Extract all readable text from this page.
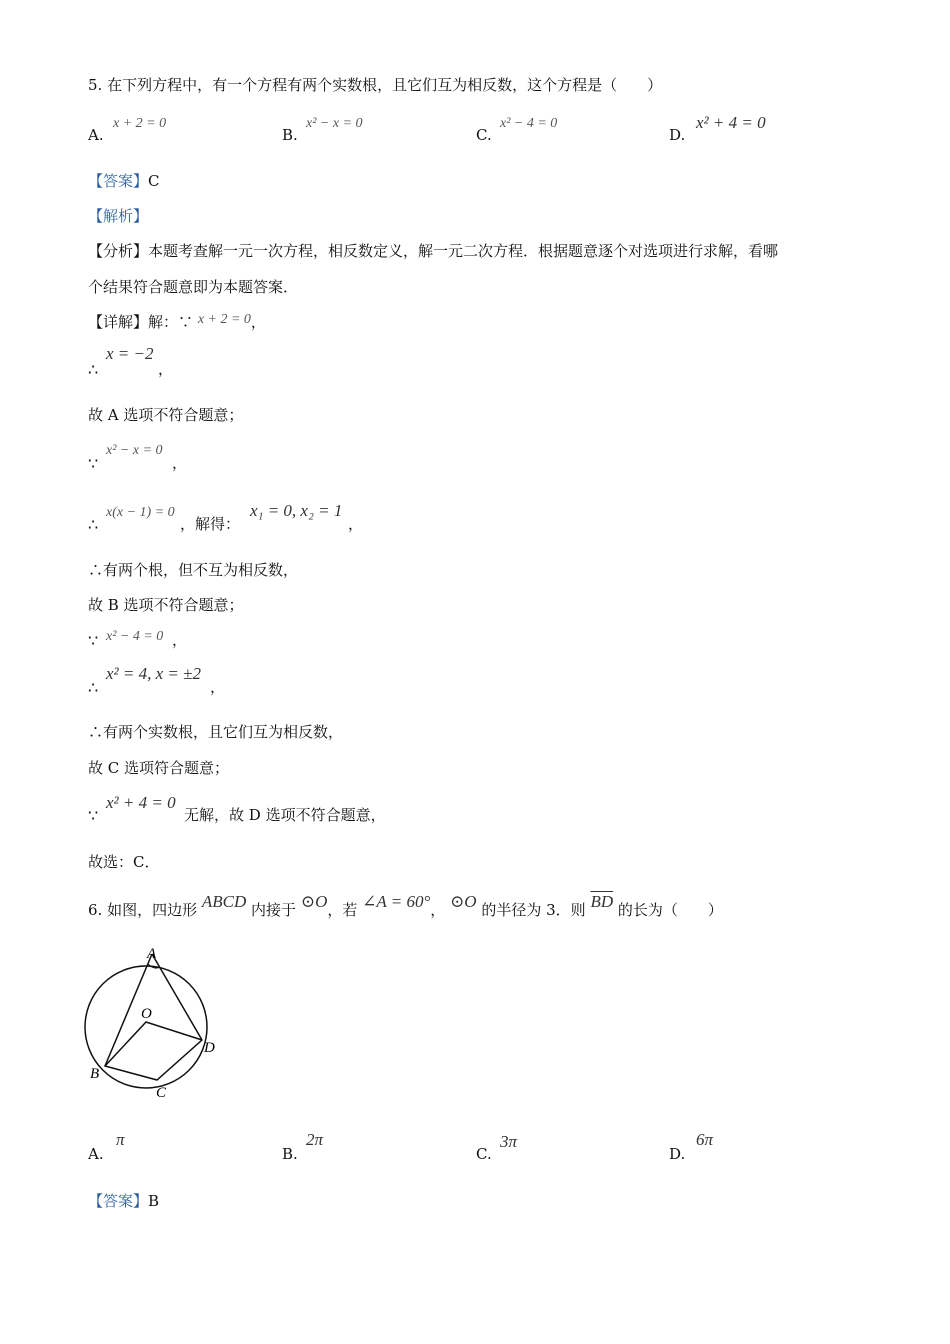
5. 在下列方程中，有一个方程有两个实数根，且它们互为相反数，这个方程是（　　）
A.
x + 2 = 0
B.
x² − x = 0
C.
x² − 4 = 0
D.
x² + 4 = 0
【答案】C
【解析】
【分析】本题考查解一元一次方程，相反数定义，解一元二次方程．根据题意逐个对选项进行求解，看哪
个结果符合题意即为本题答案．
【详解】解：∵ x + 2 = 0，
∴
x = −2
，
故 A 选项不符合题意；
∵
x² − x = 0
，
∴
x(x − 1) = 0
，解得：
x₁ = 0, x₂ = 1
，
∴有两个根，但不互为相反数，
故 B 选项不符合题意；
∵ x² − 4 = 0 ，
∴
x² = 4, x = ±2
，
∴有两个实数根，且它们互为相反数，
故 C 选项符合题意；
∵
x² + 4 = 0
无解，故 D 选项不符合题意，
故选：C．
6. 如图，四边形 ABCD 内接于 ⊙O，若 ∠A = 60°， ⊙O 的半径为 3．则 $\overline{BD}$ 的长为（　　）
A
B
C
D
O
A.
π
B.
2π
C.
3π
D.
6π
【答案】B
